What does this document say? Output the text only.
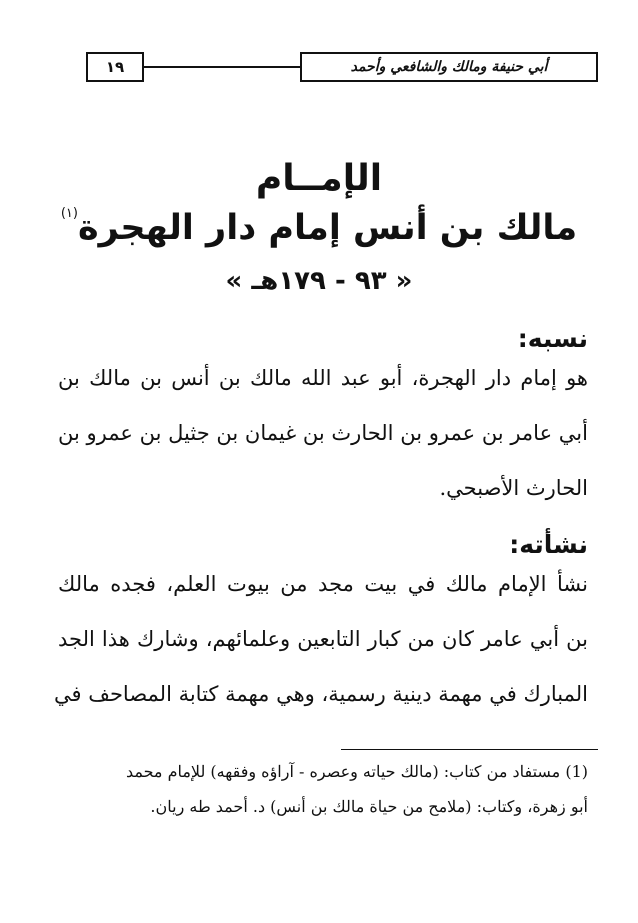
١٩	أبي حنيفة ومالك والشافعي وأحمد
الإمــام
مالك بن أنس إمام دار الهجرة$^{(١)}$
« ٩٣ - ١٧٩هـ »
نسبه:
هو إمام دار الهجرة، أبو عبد الله مالك بن أنس بن مالك بن
أبي عامر بن عمرو بن الحارث بن غيمان بن جثيل بن عمرو بن
الحارث الأصبحي.
نشأته:
نشأ الإمام مالك في بيت مجد من بيوت العلم، فجده مالك
بن أبي عامر كان من كبار التابعين وعلمائهم، وشارك هذا الجد
المبارك في مهمة دينية رسمية، وهي مهمة كتابة المصاحف في
(1) مستفاد من كتاب: (مالك حياته وعصره - آراؤه وفقهه) للإمام محمد
أبو زهرة، وكتاب: (ملامح من حياة مالك بن أنس) د. أحمد طه ريان.
